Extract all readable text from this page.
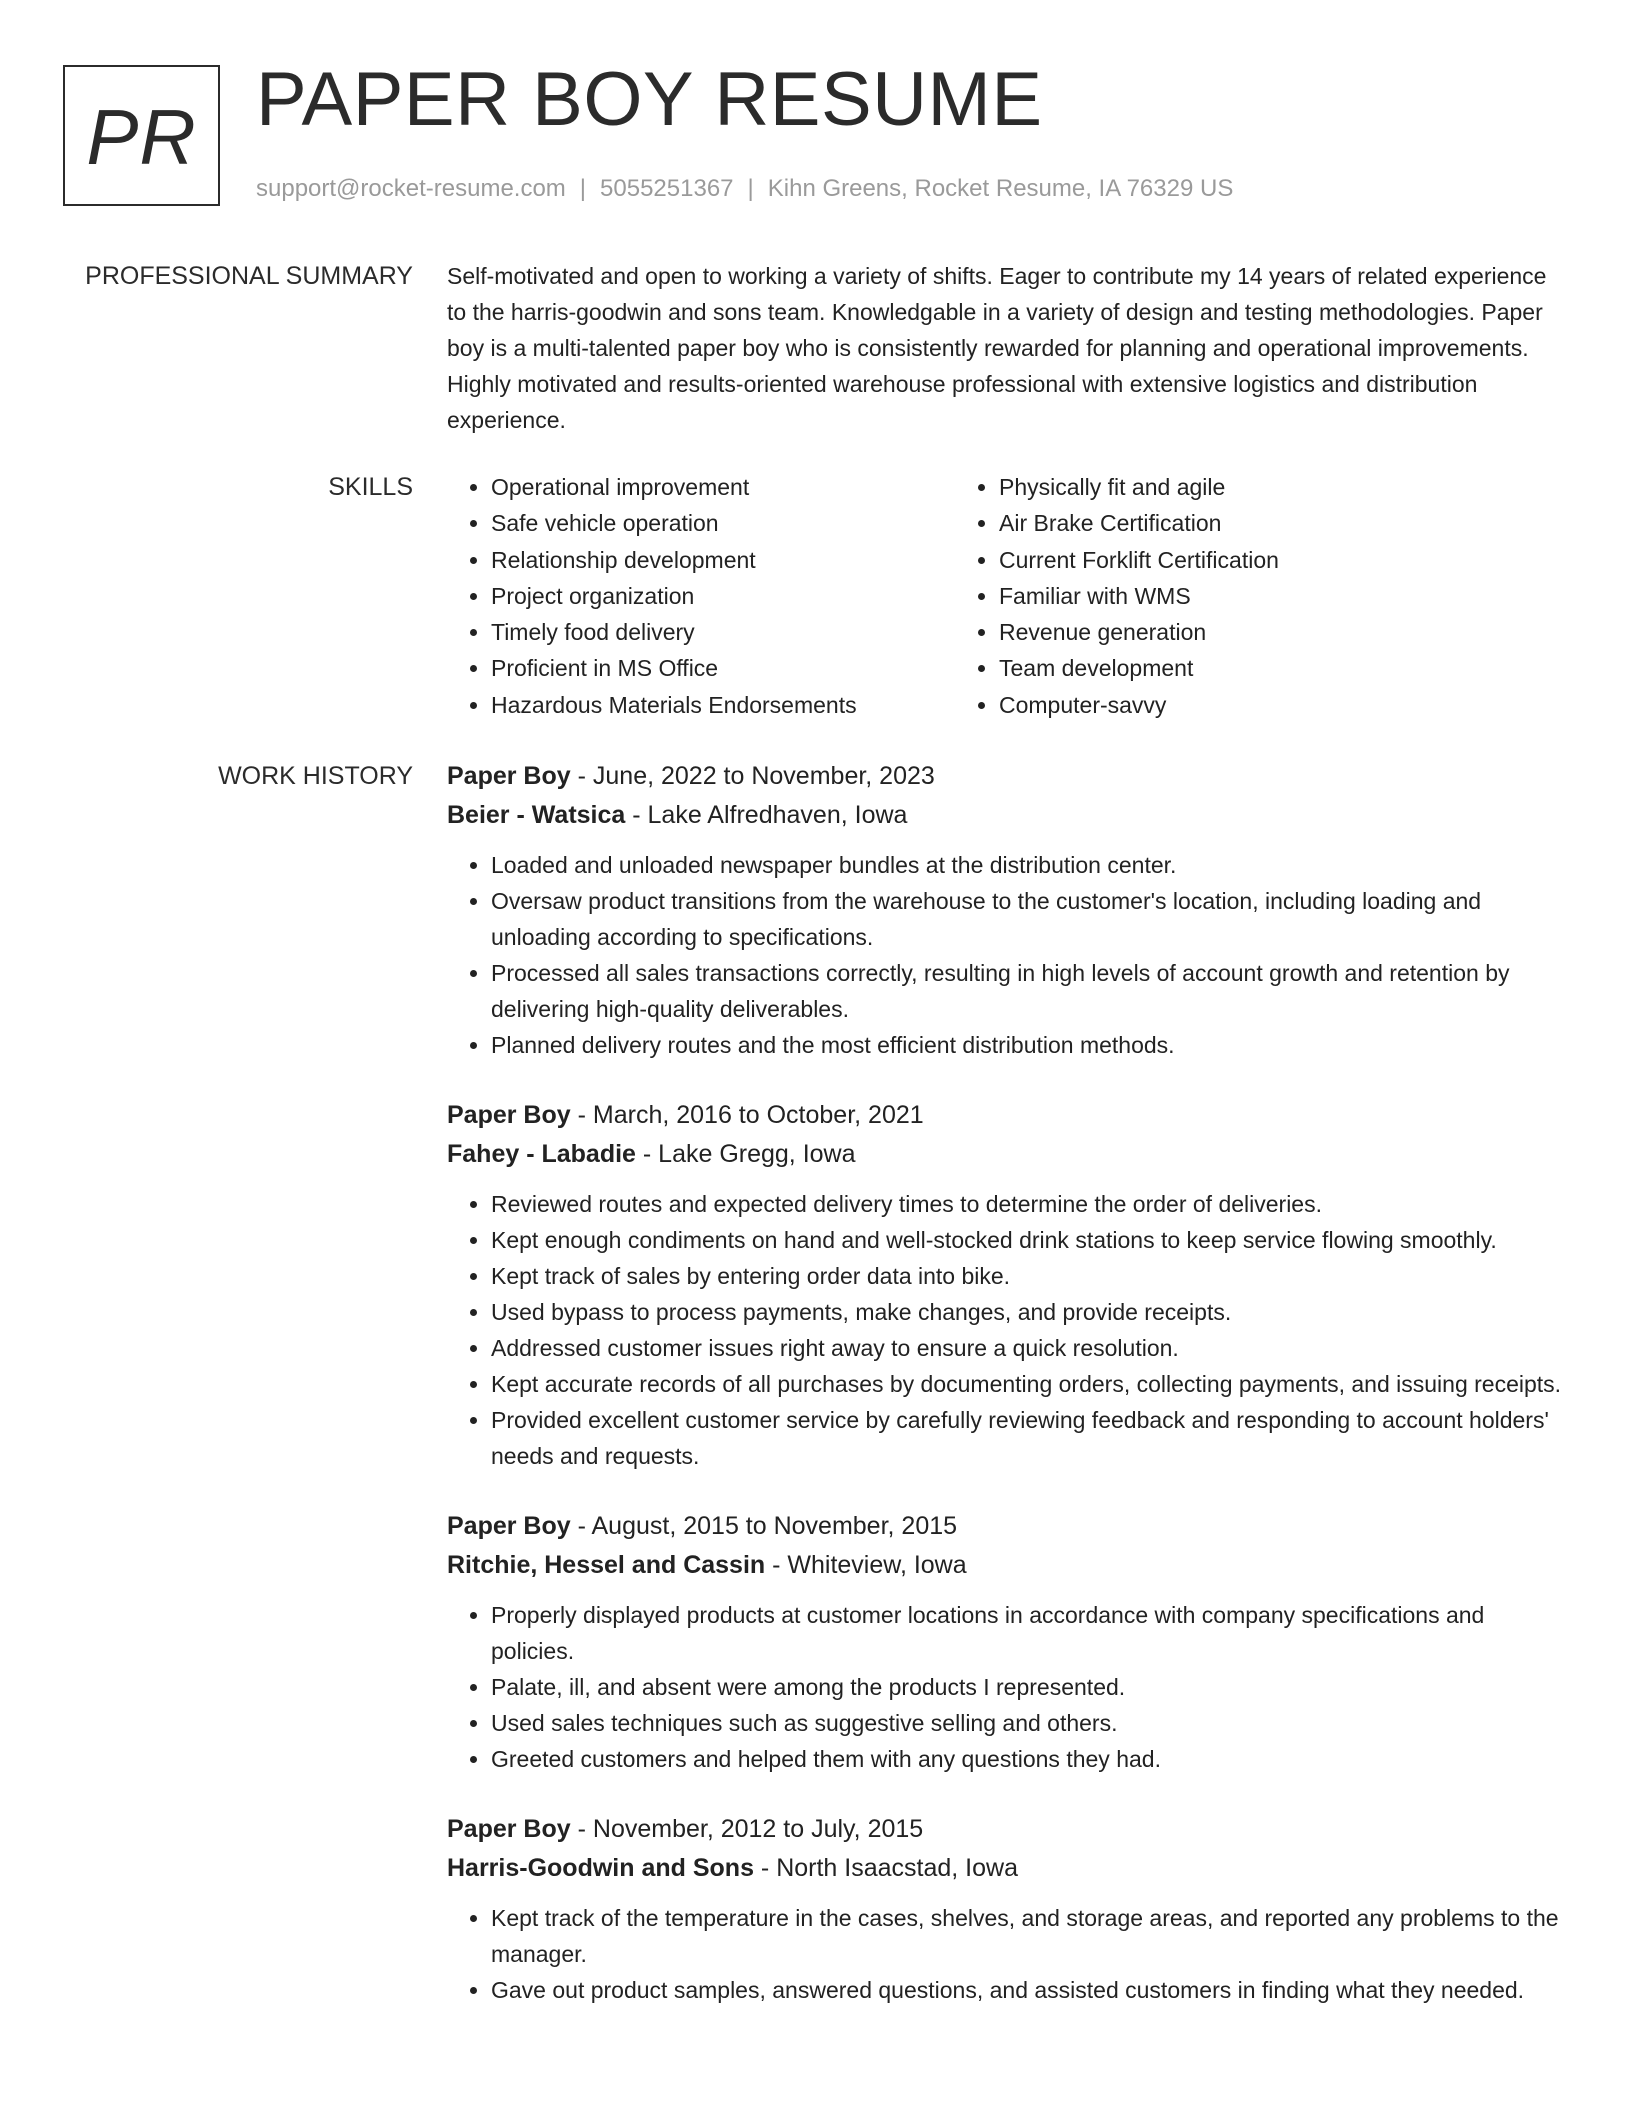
PR PAPER BOY RESUME
support@rocket-resume.com | 5055251367 | Kihn Greens, Rocket Resume, IA 76329 US
PROFESSIONAL SUMMARY Self-motivated and open to working a variety of shifts. Eager to contribute my 14 years of related experience to the harris-goodwin and sons team. Knowledgable in a variety of design and testing methodologies. Paper boy is a multi-talented paper boy who is consistently rewarded for planning and operational improvements. Highly motivated and results-oriented warehouse professional with extensive logistics and distribution experience.

SKILLS
•	Operational improvement
• Safe vehicle operation
• Relationship development
• Project organization
• Timely food delivery
• Proficient in MS Office
• Hazardous Materials Endorsements
• Physically fit and agile
• Air Brake Certification
• Current Forklift Certification
• Familiar with WMS
• Revenue generation
• Team development
• Computer-savvy
WORK HISTORY Paper Boy - June, 2022 to November, 2023
Beier - Watsica - Lake Alfredhaven, Iowa
• Loaded and unloaded newspaper bundles at the distribution center.
• Oversaw product transitions from the warehouse to the customer's location, including loading and unloading according to specifications.
• Processed all sales transactions correctly, resulting in high levels of account growth and retention by delivering high-quality deliverables.
• Planned delivery routes and the most efficient distribution methods.
Paper Boy - March, 2016 to October, 2021
Fahey - Labadie - Lake Gregg, Iowa
• Reviewed routes and expected delivery times to determine the order of deliveries.
• Kept enough condiments on hand and well-stocked drink stations to keep service flowing smoothly.
• Kept track of sales by entering order data into bike.
• Used bypass to process payments, make changes, and provide receipts.
• Addressed customer issues right away to ensure a quick resolution.
• Kept accurate records of all purchases by documenting orders, collecting payments, and issuing receipts.
• Provided excellent customer service by carefully reviewing feedback and responding to account holders' needs and requests.
Paper Boy - August, 2015 to November, 2015
Ritchie, Hessel and Cassin - Whiteview, Iowa
• Properly displayed products at customer locations in accordance with company specifications and policies.
• Palate, ill, and absent were among the products I represented.
• Used sales techniques such as suggestive selling and others.
• Greeted customers and helped them with any questions they had.
Paper Boy - November, 2012 to July, 2015
Harris-Goodwin and Sons - North Isaacstad, Iowa
• Kept track of the temperature in the cases, shelves, and storage areas, and reported any problems to the manager.
• Gave out product samples, answered questions, and assisted customers in finding what they needed.
